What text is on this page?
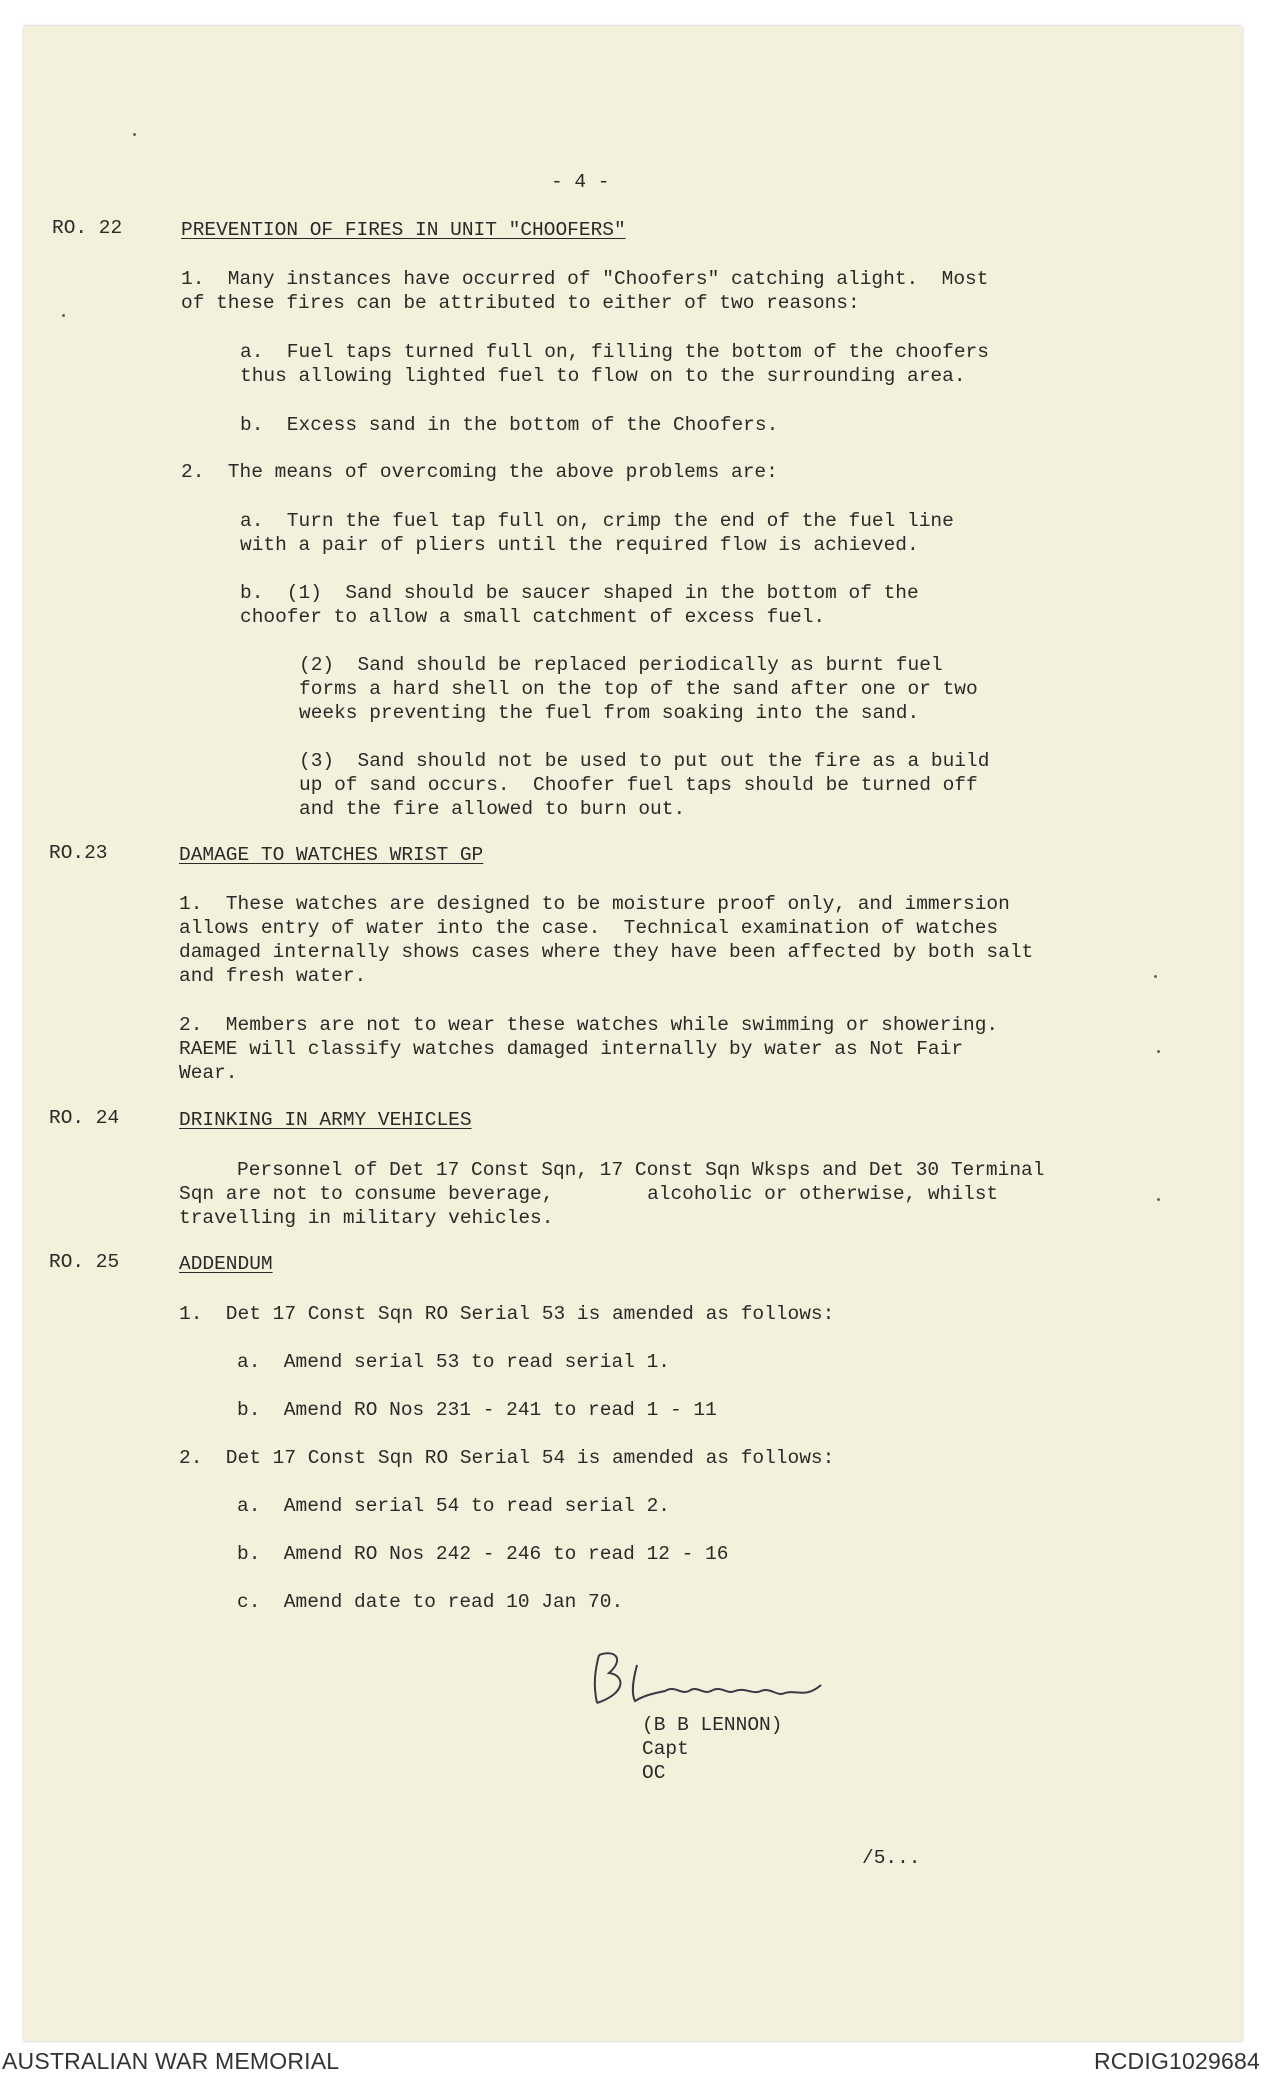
- 4 -
RO. 22	PREVENTION OF FIRES IN UNIT "CHOOFERS"
1.  Many instances have occurred of "Choofers" catching alight.  Most
of these fires can be attributed to either of two reasons:
a.  Fuel taps turned full on, filling the bottom of the choofers
thus allowing lighted fuel to flow on to the surrounding area.
b.  Excess sand in the bottom of the Choofers.
2.  The means of overcoming the above problems are:
a.  Turn the fuel tap full on, crimp the end of the fuel line
with a pair of pliers until the required flow is achieved.
b.  (1)  Sand should be saucer shaped in the bottom of the
choofer to allow a small catchment of excess fuel.
(2)  Sand should be replaced periodically as burnt fuel
forms a hard shell on the top of the sand after one or two
weeks preventing the fuel from soaking into the sand.
(3)  Sand should not be used to put out the fire as a build
up of sand occurs.  Choofer fuel taps should be turned off
and the fire allowed to burn out.
RO.23	DAMAGE TO WATCHES WRIST GP
1.  These watches are designed to be moisture proof only, and immersion
allows entry of water into the case.  Technical examination of watches
damaged internally shows cases where they have been affected by both salt
and fresh water.
2.  Members are not to wear these watches while swimming or showering.
RAEME will classify watches damaged internally by water as Not Fair
Wear.
RO. 24	DRINKING IN ARMY VEHICLES
Personnel of Det 17 Const Sqn, 17 Const Sqn Wksps and Det 30 Terminal
Sqn are not to consume beverage,        alcoholic or otherwise, whilst
travelling in military vehicles.
RO. 25	ADDENDUM
1.  Det 17 Const Sqn RO Serial 53 is amended as follows:
a.  Amend serial 53 to read serial 1.
b.  Amend RO Nos 231 - 241 to read 1 - 11
2.  Det 17 Const Sqn RO Serial 54 is amended as follows:
a.  Amend serial 54 to read serial 2.
b.  Amend RO Nos 242 - 246 to read 12 - 16
c.  Amend date to read 10 Jan 70.
(B B LENNON)
Capt
OC
/5...
AUSTRALIAN WAR MEMORIAL	RCDIG1029684
